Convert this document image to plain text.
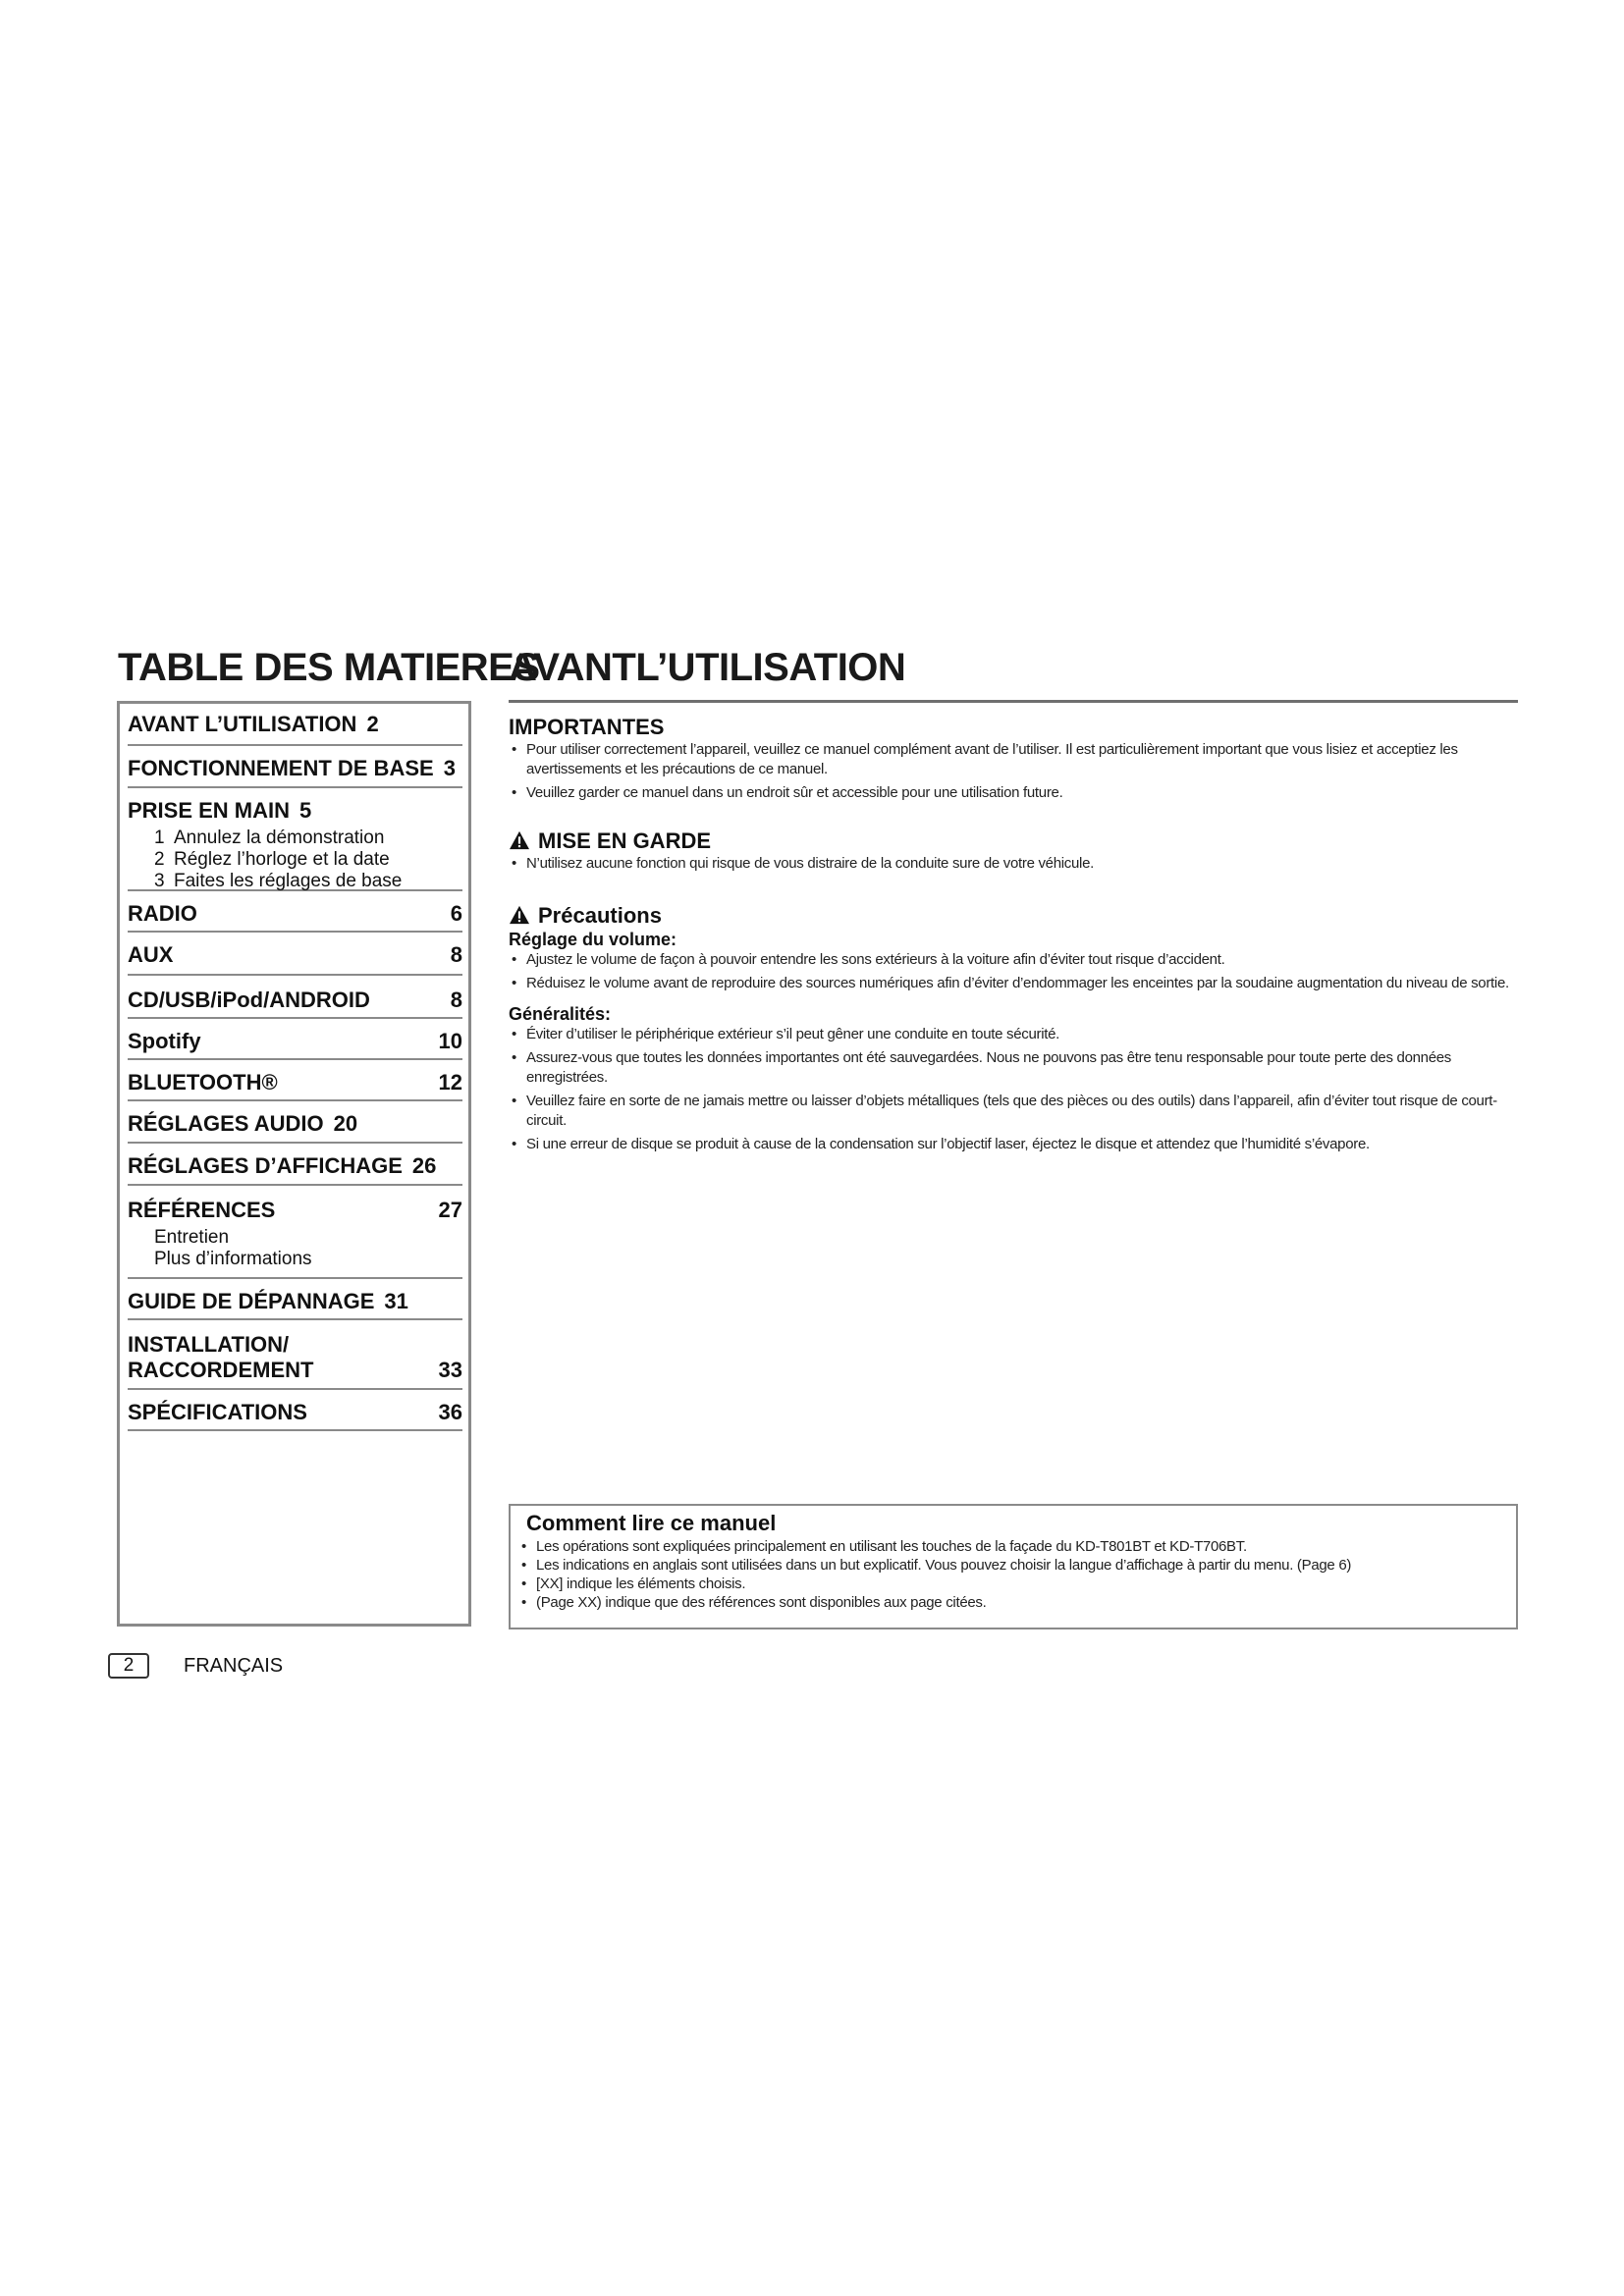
TABLE DES MATIERES
AVANTL’UTILISATION
AVANT L’UTILISATION 2
FONCTIONNEMENT DE BASE 3
PRISE EN MAIN 5
1 Annulez la démonstration
2 Réglez l’horloge et la date
3 Faites les réglages de base
RADIO	6
AUX	8
CD/USB/iPod/ANDROID	8
Spotify	10
BLUETOOTH®	12
RÉGLAGES AUDIO 20
RÉGLAGES D’AFFICHAGE 26
RÉFÉRENCES	27
Entretien
Plus d’informations
GUIDE DE DÉPANNAGE 31
INSTALLATION/
RACCORDEMENT	33
SPÉCIFICATIONS	36
IMPORTANTES
• Pour utiliser correctement l’appareil, veuillez ce manuel complément avant de l’utiliser. Il est particulièrement important que vous lisiez et acceptiez les avertissements et les précautions de ce manuel.
• Veuillez garder ce manuel dans un endroit sûr et accessible pour une utilisation future.
MISE EN GARDE
• N’utilisez aucune fonction qui risque de vous distraire de la conduite sure de votre véhicule.
Précautions
Réglage du volume:
• Ajustez le volume de façon à pouvoir entendre les sons extérieurs à la voiture afin d’éviter tout risque d’accident.
• Réduisez le volume avant de reproduire des sources numériques afin d’éviter d’endommager les enceintes par la soudaine augmentation du niveau de sortie.
Généralités:
• Éviter d’utiliser le périphérique extérieur s’il peut gêner une conduite en toute sécurité.
• Assurez-vous que toutes les données importantes ont été sauvegardées. Nous ne pouvons pas être tenu responsable pour toute perte des données enregistrées.
• Veuillez faire en sorte de ne jamais mettre ou laisser d’objets métalliques (tels que des pièces ou des outils) dans l’appareil, afin d’éviter tout risque de court-circuit.
• Si une erreur de disque se produit à cause de la condensation sur l’objectif laser, éjectez le disque et attendez que l’humidité s’évapore.
Comment lire ce manuel
• Les opérations sont expliquées principalement en utilisant les touches de la façade du KD-T801BT et KD-T706BT.
• Les indications en anglais sont utilisées dans un but explicatif. Vous pouvez choisir la langue d’affichage à partir du menu. (Page 6)
• [XX] indique les éléments choisis.
• (Page XX) indique que des références sont disponibles aux page citées.
2	FRANÇAIS
